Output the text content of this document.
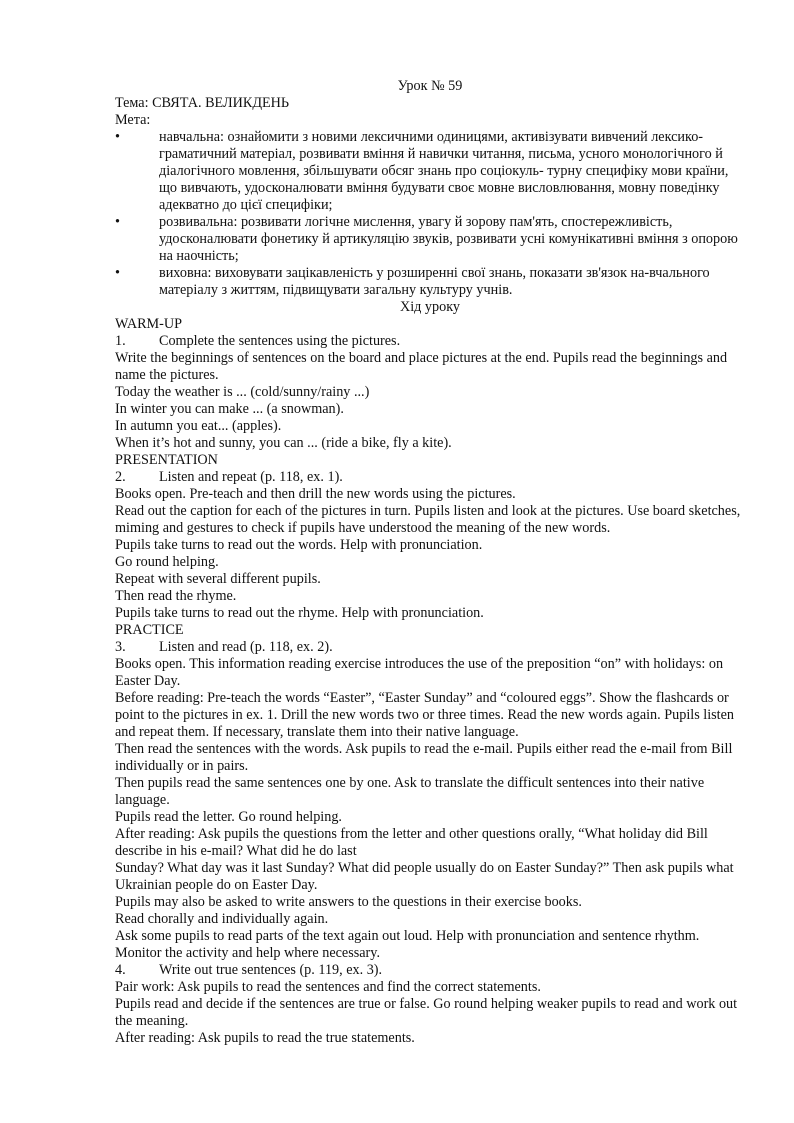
Урок № 59
Тема: СВЯТА. ВЕЛИКДЕНЬ
Мета:
•	навчальна: ознайомити з новими лексичними одиницями, активізувати вивчений лексико-граматичний матеріал, розвивати вміння й навички читання, письма, усного монологічного й діалогічного мовлення, збільшувати обсяг знань про соціокуль- турну специфіку мови країни, що вивчають, удосконалювати вміння будувати своє мовне висловлювання, мовну поведінку адекватно до цієї специфіки;
•	розвивальна: розвивати логічне мислення, увагу й зорову пам'ять, спостережливість, удосконалювати фонетику й артикуляцію звуків, розвивати усні комунікативні вміння з опорою на наочність;
•	виховна: виховувати зацікавленість у розширенні свої знань, показати зв'язок на-вчального матеріалу з життям, підвищувати загальну культуру учнів.
Хід уроку
WARM-UP
1.	Complete the sentences using the pictures.
Write the beginnings of sentences on the board and place pictures at the end. Pupils read the beginnings and name the pictures.
Today the weather is ... (cold/sunny/rainy ...)
In winter you can make ... (a snowman).
In autumn you eat... (apples).
When it’s hot and sunny, you can ... (ride a bike, fly a kite).
PRESENTATION
2.	Listen and repeat (p. 118, ex. 1).
Books open. Pre-teach and then drill the new words using the pictures.
Read out the caption for each of the pictures in turn. Pupils listen and look at the pictures. Use board sketches, miming and gestures to check if pupils have understood the meaning of the new words.
Pupils take turns to read out the words. Help with pronunciation.
Go round helping.
Repeat with several different pupils.
Then read the rhyme.
Pupils take turns to read out the rhyme. Help with pronunciation.
PRACTICE
3.	Listen and read (p. 118, ex. 2).
Books open. This information reading exercise introduces the use of the preposition “on” with holidays: on Easter Day.
Before reading: Pre-teach the words “Easter”, “Easter Sunday” and “coloured eggs”. Show the flashcards or point to the pictures in ex. 1. Drill the new words two or three times. Read the new words again. Pupils listen and repeat them. If necessary, translate them into their native language.
Then read the sentences with the words. Ask pupils to read the e-mail. Pupils either read the e-mail from Bill individually or in pairs.
Then pupils read the same sentences one by one. Ask to translate the difficult sentences into their native language.
Pupils read the letter. Go round helping.
After reading: Ask pupils the questions from the letter and other questions orally, “What holiday did Bill describe in his e-mail? What did he do last
Sunday? What day was it last Sunday? What did people usually do on Easter Sunday?” Then ask pupils what Ukrainian people do on Easter Day.
Pupils may also be asked to write answers to the questions in their exercise books.
Read chorally and individually again.
Ask some pupils to read parts of the text again out loud. Help with pronunciation and sentence rhythm. Monitor the activity and help where necessary.
4.	Write out true sentences (p. 119, ex. 3).
Pair work: Ask pupils to read the sentences and find the correct statements.
Pupils read and decide if the sentences are true or false. Go round helping weaker pupils to read and work out the meaning.
After reading: Ask pupils to read the true statements.
